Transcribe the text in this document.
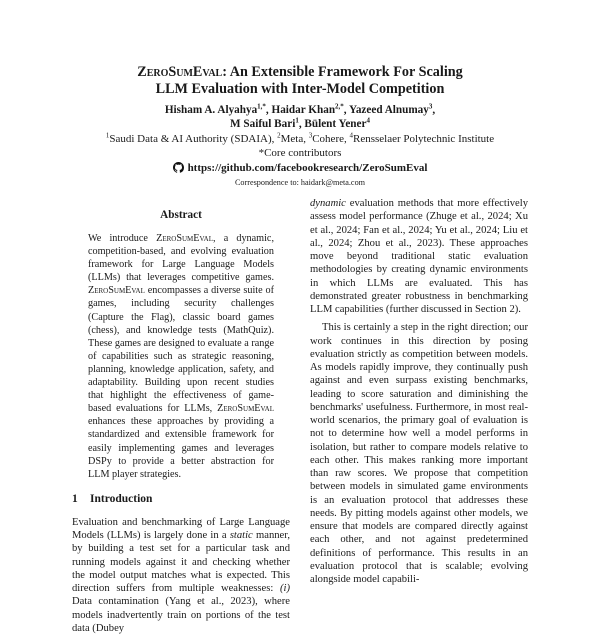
ZeroSumEval: An Extensible Framework For Scaling
LLM Evaluation with Inter-Model Competition
Hisham A. Alyahya$^{1,*}$, Haidar Khan$^{2,*}$, Yazeed Alnumay$^3$,
M Saiful Bari$^1$, Bülent Yener$^4$
$^1$Saudi Data & AI Authority (SDAIA), $^2$Meta, $^3$Cohere, $^4$Rensselaer Polytechnic Institute
*Core contributors
https://github.com/facebookresearch/ZeroSumEval
Correspondence to: haidark@meta.com
Abstract
We introduce ZeroSumEval, a dynamic, competition-based, and evolving evaluation framework for Large Language Models (LLMs) that leverages competitive games. ZeroSumEval encompasses a diverse suite of games, including security challenges (Capture the Flag), classic board games (chess), and knowledge tests (MathQuiz). These games are designed to evaluate a range of capabilities such as strategic reasoning, planning, knowledge application, safety, and adaptability. Building upon recent studies that highlight the effectiveness of game-based evaluations for LLMs, ZeroSumEval enhances these approaches by providing a standardized and extensible framework for easily implementing games and leverages DSPy to provide a better abstraction for LLM player strategies.
1 Introduction
Evaluation and benchmarking of Large Language Models (LLMs) is largely done in a static manner, by building a test set for a particular task and running models against it and checking whether the model output matches what is expected. This direction suffers from multiple weaknesses: (i) Data contamination (Yang et al., 2023), where models inadvertently train on portions of the test data (Dubey

dynamic evaluation methods that more effectively assess model performance (Zhuge et al., 2024; Xu et al., 2024; Fan et al., 2024; Yu et al., 2024; Liu et al., 2024; Zhou et al., 2023). These approaches move beyond traditional static evaluation methodologies by creating dynamic environments in which LLMs are evaluated. This has demonstrated greater robustness in benchmarking LLM capabilities (further discussed in Section 2).

This is certainly a step in the right direction; our work continues in this direction by posing evaluation strictly as competition between models. As models rapidly improve, they continually push against and even surpass existing benchmarks, leading to score saturation and diminishing the benchmarks' usefulness. Furthermore, in most real-world scenarios, the primary goal of evaluation is not to determine how well a model performs in isolation, but rather to compare models relative to each other. This makes ranking more important than raw scores. We propose that competition between models in simulated game environments is an evaluation protocol that addresses these needs. By pitting models against other models, we ensure that models are compared directly against each other, and not against predetermined definitions of performance. This results in an evaluation protocol that is scalable; evolving alongside model capabili-
